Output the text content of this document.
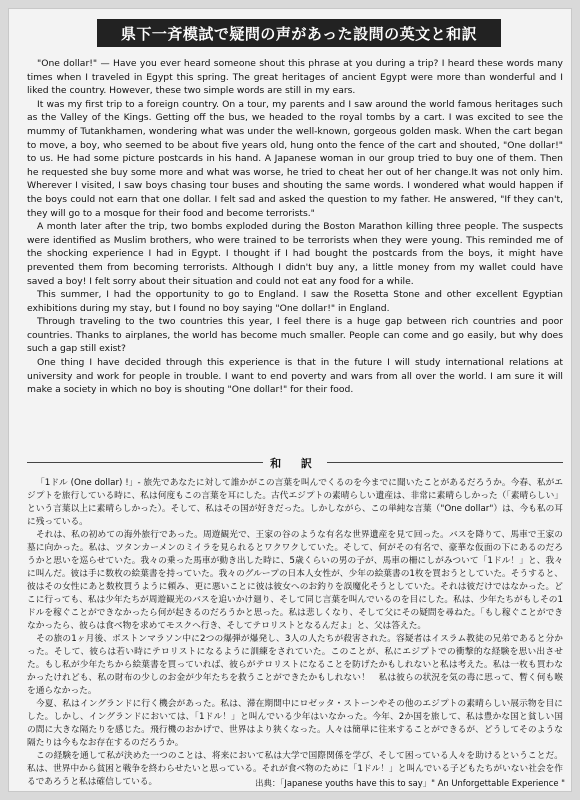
県下一斉模試で疑問の声があった設問の英文と和訳

"One dollar!" — Have you ever heard someone shout this phrase at you during a trip? I heard these words many times when I traveled in Egypt this spring. The great heritages of ancient Egypt were more than wonderful and I liked the country. However, these two simple words are still in my ears.

It was my first trip to a foreign country. On a tour, my parents and I saw around the world famous heritages such as the Valley of the Kings. Getting off the bus, we headed to the royal tombs by a cart. I was excited to see the mummy of Tutankhamen, wondering what was under the well-known, gorgeous golden mask. When the cart began to move, a boy, who seemed to be about five years old, hung onto the fence of the cart and shouted, "One dollar!" to us. He had some picture postcards in his hand. A Japanese woman in our group tried to buy one of them. Then he requested she buy some more and what was worse, he tried to cheat her out of her change.It was not only him. Wherever I visited, I saw boys chasing tour buses and shouting the same words. I wondered what would happen if the boys could not earn that one dollar. I felt sad and asked the question to my father. He answered, "If they can't, they will go to a mosque for their food and become terrorists."

A month later after the trip, two bombs exploded during the Boston Marathon killing three people. The suspects were identified as Muslim brothers, who were trained to be terrorists when they were young. This reminded me of the shocking experience I had in Egypt. I thought if I had bought the postcards from the boys, it might have prevented them from becoming terrorists. Although I didn't buy any, a little money from my wallet could have saved a boy! I felt sorry about their situation and could not eat any food for a while.

This summer, I had the opportunity to go to England. I saw the Rosetta Stone and other excellent Egyptian exhibitions during my stay, but I found no boy saying "One dollar!" in England.

Through traveling to the two countries this year, I feel there is a huge gap between rich countries and poor countries. Thanks to airplanes, the world has become much smaller. People can come and go easily, but why does such a gap still exist?

One thing I have decided through this experience is that in the future I will study international relations at university and work for people in trouble. I want to end poverty and wars from all over the world. I am sure it will make a society in which no boy is shouting "One dollar!" for their food.

和 訳

「1ドル (One dollar) !」- 旅先であなたに対して誰かがこの言葉を叫んでくるのを今までに聞いたことがあるだろうか。今春、私がエジプトを旅行している時に、私は何度もこの言葉を耳にした。古代エジプトの素晴らしい遺産は、非常に素晴らしかった（「素晴らしい」という言葉以上に素晴らしかった）。そして、私はその国が好きだった。しかしながら、この単純な言葉（"One dollar"）は、今も私の耳に残っている。

それは、私の初めての海外旅行であった。周遊観光で、王家の谷のような有名な世界遺産を見て回った。バスを降りて、馬車で王家の墓に向かった。私は、ツタンカーメンのミイラを見られるとワクワクしていた。そして、何がその有名で、豪華な仮面の下にあるのだろうかと思いを巡らせていた。我々の乗った馬車が動き出した時に、5歳くらいの男の子が、馬車の柵にしがみついて「1ドル！」と、我々に叫んだ。彼は手に数枚の絵葉書を持っていた。我々のグループの日本人女性が、少年の絵葉書の1枚を買おうとしていた。そうすると、彼はその女性にあと数枚買うように頼み、更に悪いことに彼は彼女へのお釣りを誤魔化そうとしていた。それは彼だけではなかった。どこに行っても、私は少年たちが周遊観光のバスを追いかけ廻り、そして同じ言葉を叫んでいるのを目にした。私は、少年たちがもしその1ドルを稼ぐことができなかったら何が起きるのだろうかと思った。私は悲しくなり、そして父にその疑問を尋ねた。「もし稼ぐことができなかったら、彼らは食べ物を求めてモスクへ行き、そしてテロリストとなるんだよ」と、父は答えた。

その旅の1ヶ月後、ボストンマラソン中に2つの爆弾が爆発し、3人の人たちが殺害された。容疑者はイスラム教徒の兄弟であると分かった。そして、彼らは若い時にテロリストになるように訓練をされていた。このことが、私にエジプトでの衝撃的な経験を思い出させた。もし私が少年たちから絵葉書を買っていれば、彼らがテロリストになることを防げたかもしれないと私は考えた。私は一枚も買わなかったけれども、私の財布の少しのお金が少年たちを救うことができたかもしれない！　私は彼らの状況を気の毒に思って、暫く何も喉を通らなかった。

今夏、私はイングランドに行く機会があった。私は、滞在期間中にロゼッタ・ストーンやその他のエジプトの素晴らしい展示物を目にした。しかし、イングランドにおいては、「1ドル！」と叫んでいる少年はいなかった。今年、2か国を旅して、私は豊かな国と貧しい国の間に大きな隔たりを感じた。飛行機のおかげで、世界はより狭くなった。人々は簡単に往来することができるが、どうしてそのような隔たりは今もなお存在するのだろうか。

この経験を通して私が決めた一つのことは、将来において私は大学で国際関係を学び、そして困っている人々を助けるということだ。私は、世界中から貧困と戦争を終わらせたいと思っている。それが食べ物のために「1ドル！」と叫んでいる子どもたちがいない社会を作るであろうと私は確信している。	出典：「Japanese youths have this to say」" An Unforgettable Experience "
